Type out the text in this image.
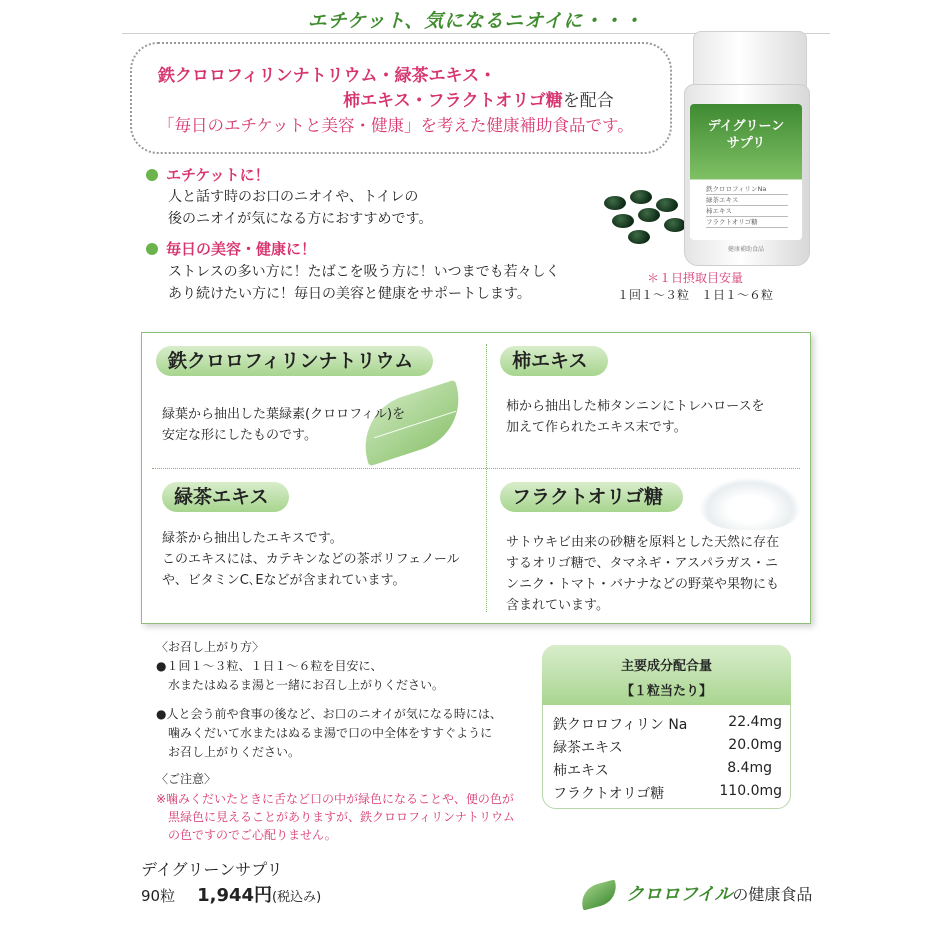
エチケット、気になるニオイに・・・
鉄クロロフィリンナトリウム・緑茶エキス・
柿エキス・フラクトオリゴ糖を配合
「毎日のエチケットと美容・健康」を考えた健康補助食品です。
エチケットに！
人と話す時のお口のニオイや、トイレの
後のニオイが気になる方におすすめです。
毎日の美容・健康に！
ストレスの多い方に！たばこを吸う方に！いつまでも若々しく
あり続けたい方に！毎日の美容と健康をサポートします。
デイグリーン
サプリ
鉄クロロフィリンNa
緑茶エキス
柿エキス
フラクトオリゴ糖
健康補助食品
＊１日摂取目安量
１回１〜３粒　１日１〜６粒
鉄クロロフィリンナトリウム
緑葉から抽出した葉緑素(クロロフィル)を
安定な形にしたものです。
柿エキス
柿から抽出した柿タンニンにトレハロースを
加えて作られたエキス末です。
緑茶エキス
緑茶から抽出したエキスです。
このエキスには、カテキンなどの茶ポリフェノール
や、ビタミンC､Eなどが含まれています。
フラクトオリゴ糖
サトウキビ由来の砂糖を原料とした天然に存在
するオリゴ糖で、タマネギ・アスパラガス・ニ
ンニク・トマト・バナナなどの野菜や果物にも
含まれています。
〈お召し上がり方〉
●１回１〜３粒、１日１〜６粒を目安に、
水またはぬるま湯と一緒にお召し上がりください。
●人と会う前や食事の後など、お口のニオイが気になる時には、
噛みくだいて水またはぬるま湯で口の中全体をすすぐように
お召し上がりください。
〈ご注意〉
※噛みくだいたときに舌など口の中が緑色になることや、便の色が
黒緑色に見えることがありますが、鉄クロロフィリンナトリウム
の色ですのでご心配りません。
主要成分配合量
【１粒当たり】
鉄クロロフィリン Na	22.4mg
緑茶エキス	20.0mg
柿エキス	8.4mg
フラクトオリゴ糖	110.0mg
デイグリーンサプリ
90粒 1,944円(税込み)	クロロフイルの健康食品
